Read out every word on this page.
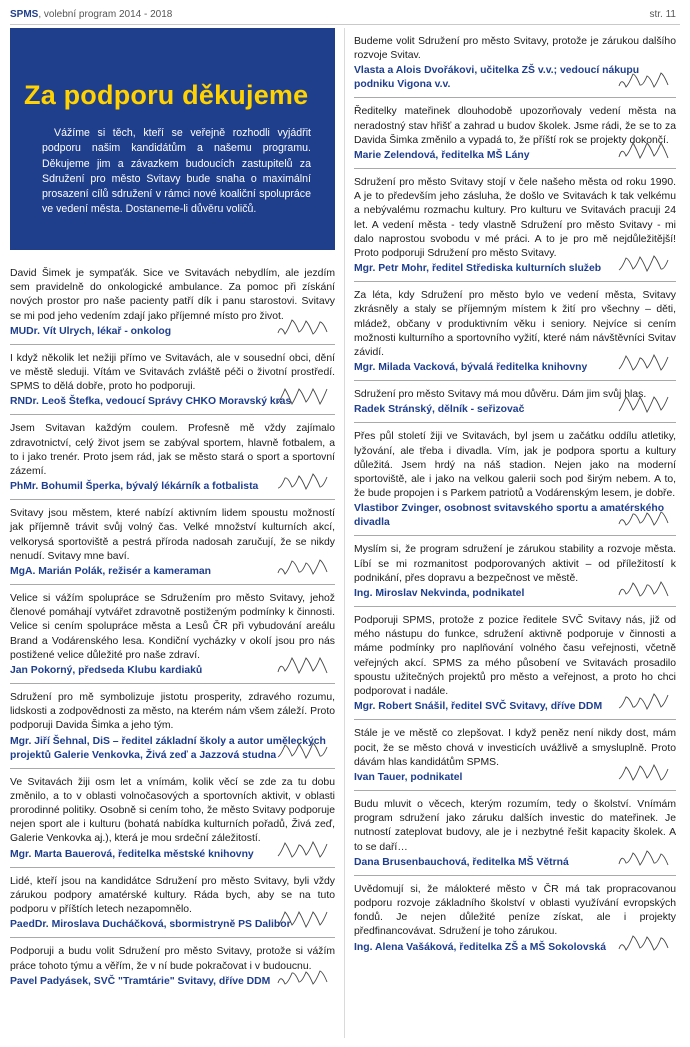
SPMS, volební program 2014 - 2018	str. 11
Za podporu děkujeme

Vážíme si těch, kteří se veřejně rozhodli vyjádřit podporu našim kandidátům a našemu programu. Děkujeme jim a závazkem budoucích zastupitelů za Sdružení pro město Svitavy bude snaha o maximální prosazení cílů sdružení v rámci nové koaliční spolupráce ve vedení města. Dostaneme-li důvěru voličů.

David Šimek je sympaťák. Sice ve Svitavách nebydlím, ale jezdím sem pravidelně do onkologické ambulance. Za pomoc při získání nových prostor pro naše pacienty patří dík i panu starostovi. Svitavy se mi pod jeho vedením zdají jako příjemné místo pro život.

MUDr. Vít Ulrych, lékař - onkolog

I když několik let nežiji přímo ve Svitavách, ale v sousední obci, dění ve městě sleduji. Vítám ve Svitavách zvláště péči o životní prostředí. SPMS to dělá dobře, proto ho podporuji.

RNDr. Leoš Štefka, vedoucí Správy CHKO Moravský kras

Jsem Svitavan každým coulem. Profesně mě vždy zajímalo zdravotnictví, celý život jsem se zabýval sportem, hlavně fotbalem, a to i jako trenér. Proto jsem rád, jak se město stará o sport a sportovní zázemí.

PhMr. Bohumil Šperka, bývalý lékárník a fotbalista

Svitavy jsou městem, které nabízí aktivním lidem spoustu možností jak příjemně trávit svůj volný čas. Velké množství kulturních akcí, velkorysá sportoviště a pestrá příroda nadosah zaručují, že se nikdy nenudí. Svitavy mne baví.

MgA. Marián Polák, režisér a kameraman

Velice si vážím spolupráce se Sdružením pro město Svitavy, jehož členové pomáhají vytvářet zdravotně postiženým podmínky k činnosti. Velice si cením spolupráce města a Lesů ČR při vybudování areálu Brand a Vodárenského lesa. Kondiční vycházky v okolí jsou pro nás postižené velice důležité pro naše zdraví.

Jan Pokorný, předseda Klubu kardiaků

Sdružení pro mě symbolizuje jistotu prosperity, zdravého rozumu, lidskosti a zodpovědnosti za město, na kterém nám všem záleží. Proto podporuji Davida Šimka a jeho tým.

Mgr. Jiří Šehnal, DiS – ředitel základní školy a autor uměleckých projektů Galerie Venkovka, Živá zeď a Jazzová studna

Ve Svitavách žiji osm let a vnímám, kolik věcí se zde za tu dobu změnilo, a to v oblasti volnočasových a sportovních aktivit, v oblasti prorodinné politiky. Osobně si cením toho, že město Svitavy podporuje nejen sport ale i kulturu (bohatá nabídka kulturních pořadů, Živá zeď, Galerie Venkovka aj.), která je mou srdeční záležitostí.

Mgr. Marta Bauerová, ředitelka městské knihovny

Lidé, kteří jsou na kandidátce Sdružení pro město Svitavy, byli vždy zárukou podpory amatérské kultury. Ráda bych, aby se na tuto podporu v příštích letech nezapomnělo.

PaedDr. Miroslava Ducháčková, sbormistryně PS Dalibor

Podporuji a budu volit Sdružení pro město Svitavy, protože si vážím práce tohoto týmu a věřím, že v ní bude pokračovat i v budoucnu.

Pavel Padyásek, SVČ "Tramtárie" Svitavy, dříve DDM

Budeme volit Sdružení pro město Svitavy, protože je zárukou dalšího rozvoje Svitav.

Vlasta a Alois Dvořákovi, učitelka ZŠ v.v.; vedoucí nákupu podniku Vigona v.v.

Ředitelky mateřinek dlouhodobě upozorňovaly vedení města na neradostný stav hřišť a zahrad u budov školek. Jsme rádi, že se to za Davida Šimka změnilo a vypadá to, že příští rok se projekty dokončí.

Marie Zelendová, ředitelka MŠ Lány

Sdružení pro město Svitavy stojí v čele našeho města od roku 1990. A je to především jeho zásluha, že došlo ve Svitavách k tak velkému a nebývalému rozmachu kultury. Pro kulturu ve Svitavách pracuji 24 let. A vedení města - tedy vlastně Sdružení pro město Svitavy - mi dalo naprostou svobodu v mé práci. A to je pro mě nejdůležitější! Proto podporuji Sdružení pro město Svitavy.

Mgr. Petr Mohr, ředitel Střediska kulturních služeb

Za léta, kdy Sdružení pro město bylo ve vedení města, Svitavy zkrásněly a staly se příjemným místem k žití pro všechny – děti, mládež, občany v produktivním věku i seniory. Nejvíce si cením možnosti kulturního a sportovního vyžití, které nám návštěvníci Svitav závidí.

Mgr. Milada Vacková, bývalá ředitelka knihovny

Sdružení pro město Svitavy má mou důvěru. Dám jim svůj hlas.

Radek Stránský, dělník - seřizovač

Přes půl století žiji ve Svitavách, byl jsem u začátku oddílu atletiky, lyžování, ale třeba i divadla. Vím, jak je podpora sportu a kultury důležitá. Jsem hrdý na náš stadion. Nejen jako na moderní sportoviště, ale i jako na velkou galerii soch pod širým nebem. A to, že bude propojen i s Parkem patriotů a Vodárenským lesem, je dobře.

Vlastibor Zvinger, osobnost svitavského sportu a amatérského divadla

Myslím si, že program sdružení je zárukou stability a rozvoje města. Líbí se mi rozmanitost podporovaných aktivit – od příležitostí k podnikání, přes dopravu a bezpečnost ve městě.

Ing. Miroslav Nekvinda, podnikatel

Podporuji SPMS, protože z pozice ředitele SVČ Svitavy nás, již od mého nástupu do funkce, sdružení aktivně podporuje v činnosti a máme podmínky pro naplňování volného času veřejnosti, včetně veřejných akcí. SPMS za mého působení ve Svitavách prosadilo spoustu užitečných projektů pro město a veřejnost, a proto ho chci podporovat i nadále.

Mgr. Robert Snášil, ředitel SVČ Svitavy, dříve DDM

Stále je ve městě co zlepšovat. I když peněz není nikdy dost, mám pocit, že se město chová v investicích uvážlivě a smysluplně. Proto dávám hlas kandidátům SPMS.

Ivan Tauer, podnikatel

Budu mluvit o věcech, kterým rozumím, tedy o školství. Vnímám program sdružení jako záruku dalších investic do mateřinek. Je nutností zateplovat budovy, ale je i nezbytné řešit kapacity školek. A to se daří…

Dana Brusenbauchová, ředitelka MŠ Větrná

Uvědomují si, že málokteré město v ČR má tak propracovanou podporu rozvoje základního školství v oblasti využívání evropských fondů. Je nejen důležité peníze získat, ale i projekty předfinancovávat. Sdružení je toho zárukou.

Ing. Alena Vašáková, ředitelka ZŠ a MŠ Sokolovská
